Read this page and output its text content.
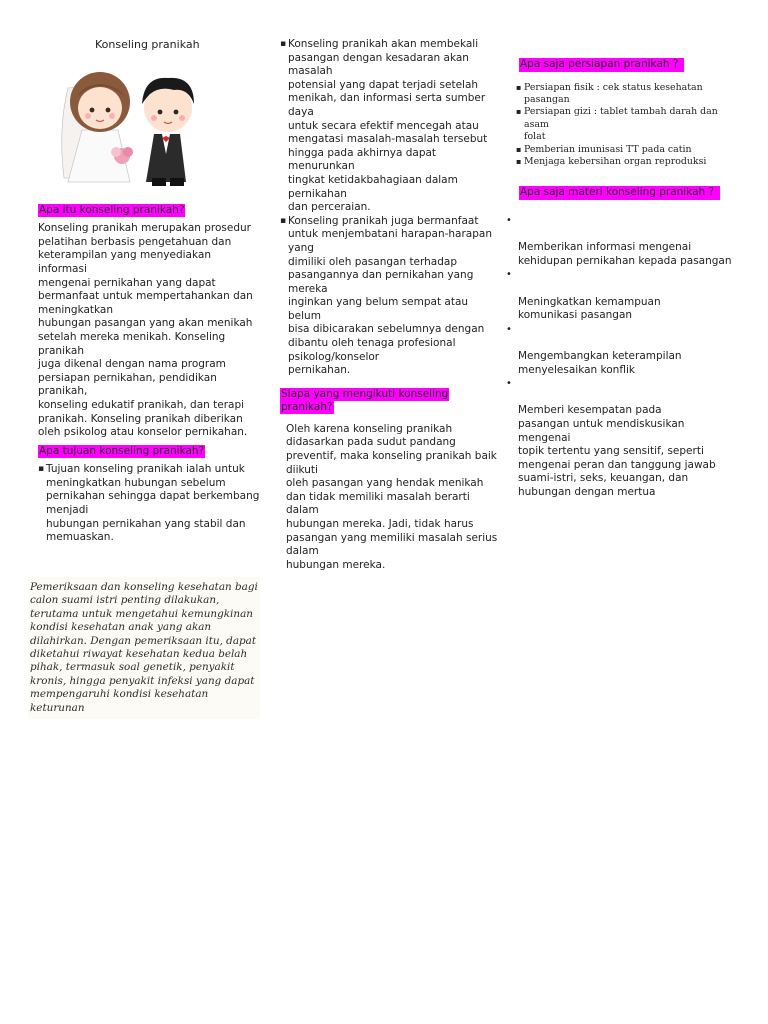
Konseling pranikah
Apa itu konseling pranikah?

Konseling pranikah merupakan prosedur
pelatihan berbasis pengetahuan dan
keterampilan yang menyediakan informasi
mengenai pernikahan yang dapat
bermanfaat untuk mempertahankan dan
meningkatkan
hubungan pasangan yang akan menikah
setelah mereka menikah. Konseling pranikah
juga dikenal dengan nama program
persiapan pernikahan, pendidikan pranikah,
konseling edukatif pranikah, dan terapi
pranikah. Konseling pranikah diberikan
oleh psikolog atau konselor pernikahan.

Apa tujuan konseling pranikah?
▪ Tujuan konseling pranikah ialah untuk
meningkatkan hubungan sebelum
pernikahan sehingga dapat berkembang
menjadi
hubungan pernikahan yang stabil dan
memuaskan.
Pemeriksaan dan konseling kesehatan bagi
calon suami istri penting dilakukan,
terutama untuk mengetahui kemungkinan
kondisi kesehatan anak yang akan
dilahirkan. Dengan pemeriksaan itu, dapat
diketahui riwayat kesehatan kedua belah
pihak, termasuk soal genetik, penyakit
kronis, hingga penyakit infeksi yang dapat
mempengaruhi kondisi kesehatan keturunan
▪ Konseling pranikah akan membekali
pasangan dengan kesadaran akan masalah
potensial yang dapat terjadi setelah
menikah, dan informasi serta sumber daya
untuk secara efektif mencegah atau
mengatasi masalah-masalah tersebut
hingga pada akhirnya dapat menurunkan
tingkat ketidakbahagiaan dalam pernikahan
dan perceraian.
▪ Konseling pranikah juga bermanfaat
untuk menjembatani harapan-harapan yang
dimiliki oleh pasangan terhadap
pasangannya dan pernikahan yang mereka
inginkan yang belum sempat atau belum
bisa dibicarakan sebelumnya dengan
dibantu oleh tenaga profesional
psikolog/konselor
pernikahan.
Siapa yang mengikuti konseling
pranikah?

Oleh karena konseling pranikah
didasarkan pada sudut pandang
preventif, maka konseling pranikah baik
diikuti
oleh pasangan yang hendak menikah
dan tidak memiliki masalah berarti dalam
hubungan mereka. Jadi, tidak harus
pasangan yang memiliki masalah serius
dalam
hubungan mereka.

Apa saja persiapan pranikah ?
▪ Persiapan fisik : cek status kesehatan pasangan
▪ Persiapan gizi : tablet tambah darah dan asam
folat
▪ Pemberian imunisasi TT pada catin
▪ Menjaga kebersihan organ reproduksi
Apa saja materi konseling pranikah ?

•

Memberikan informasi mengenai
kehidupan pernikahan kepada pasangan

•

Meningkatkan kemampuan
komunikasi pasangan

•

Mengembangkan keterampilan
menyelesaikan konflik

•

Memberi kesempatan pada
pasangan untuk mendiskusikan mengenai
topik tertentu yang sensitif, seperti
mengenai peran dan tanggung jawab
suami-istri, seks, keuangan, dan
hubungan dengan mertua
